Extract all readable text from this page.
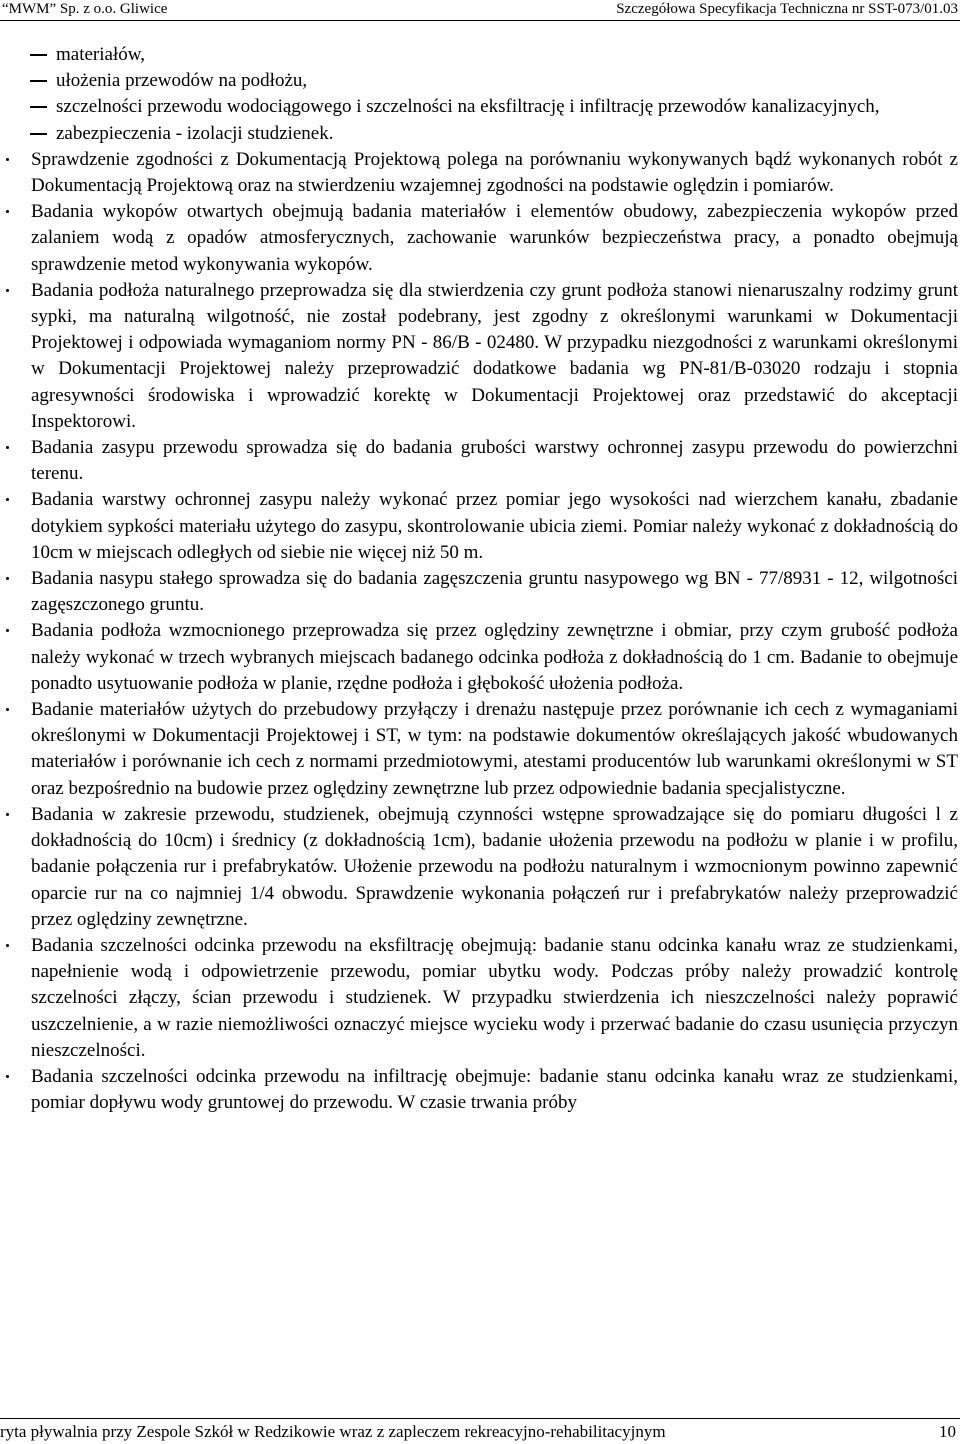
“MWM” Sp. z o.o. Gliwice	Szczegółowa Specyfikacja Techniczna nr SST-073/01.03
materiałów,
ułożenia przewodów na podłożu,
szczelności przewodu wodociągowego i szczelności na eksfiltrację i infiltrację przewodów kanalizacyjnych,
zabezpieczenia - izolacji studzienek.
Sprawdzenie zgodności z Dokumentacją Projektową polega na porównaniu wykonywanych bądź wykonanych robót z Dokumentacją Projektową oraz na stwierdzeniu wzajemnej zgodności na podstawie oględzin i pomiarów.
Badania wykopów otwartych obejmują badania materiałów i elementów obudowy, zabezpieczenia wykopów przed zalaniem wodą z opadów atmosferycznych, zachowanie warunków bezpieczeństwa pracy, a ponadto obejmują sprawdzenie metod wykonywania wykopów.
Badania podłoża naturalnego przeprowadza się dla stwierdzenia czy grunt podłoża stanowi nienaruszalny rodzimy grunt sypki, ma naturalną wilgotność, nie został podebrany, jest zgodny z określonymi warunkami w Dokumentacji Projektowej i odpowiada wymaganiom normy PN - 86/B - 02480. W przypadku niezgodności z warunkami określonymi w Dokumentacji Projektowej należy przeprowadzić dodatkowe badania wg PN-81/B-03020 rodzaju i stopnia agresywności środowiska i wprowadzić korektę w Dokumentacji Projektowej oraz przedstawić do akceptacji Inspektorowi.
Badania zasypu przewodu sprowadza się do badania grubości warstwy ochronnej zasypu przewodu do powierzchni terenu.
Badania warstwy ochronnej zasypu należy wykonać przez pomiar jego wysokości nad wierzchem kanału, zbadanie dotykiem sypkości materiału użytego do zasypu, skontrolowanie ubicia ziemi. Pomiar należy wykonać z dokładnością do 10cm w miejscach odległych od siebie nie więcej niż 50 m.
Badania nasypu stałego sprowadza się do badania zagęszczenia gruntu nasypowego wg BN - 77/8931 - 12, wilgotności zagęszczonego gruntu.
Badania podłoża wzmocnionego przeprowadza się przez oględziny zewnętrzne i obmiar, przy czym grubość podłoża należy wykonać w trzech wybranych miejscach badanego odcinka podłoża z dokładnością do 1 cm. Badanie to obejmuje ponadto usytuowanie podłoża w planie, rzędne podłoża i głębokość ułożenia podłoża.
Badanie materiałów użytych do przebudowy przyłączy i drenażu następuje przez porównanie ich cech z wymaganiami określonymi w Dokumentacji Projektowej i ST, w tym: na podstawie dokumentów określających jakość wbudowanych materiałów i porównanie ich cech z normami przedmiotowymi, atestami producentów lub warunkami określonymi w ST oraz bezpośrednio na budowie przez oględziny zewnętrzne lub przez odpowiednie badania specjalistyczne.
Badania w zakresie przewodu, studzienek, obejmują czynności wstępne sprowadzające się do pomiaru długości l z dokładnością do 10cm) i średnicy (z dokładnością 1cm), badanie ułożenia przewodu na podłożu w planie i w profilu, badanie połączenia rur i prefabrykatów. Ułożenie przewodu na podłożu naturalnym i wzmocnionym powinno zapewnić oparcie rur na co najmniej 1/4 obwodu. Sprawdzenie wykonania połączeń rur i prefabrykatów należy przeprowadzić przez oględziny zewnętrzne.
Badania szczelności odcinka przewodu na eksfiltrację obejmują: badanie stanu odcinka kanału wraz ze studzienkami, napełnienie wodą i odpowietrzenie przewodu, pomiar ubytku wody. Podczas próby należy prowadzić kontrolę szczelności złączy, ścian przewodu i studzienek. W przypadku stwierdzenia ich nieszczelności należy poprawić uszczelnienie, a w razie niemożliwości oznaczyć miejsce wycieku wody i przerwać badanie do czasu usunięcia przyczyn nieszczelności.
Badania szczelności odcinka przewodu na infiltrację obejmuje: badanie stanu odcinka kanału wraz ze studzienkami, pomiar dopływu wody gruntowej do przewodu. W czasie trwania próby
ryta pływalnia przy Zespole Szkół w Redzikowie wraz z zapleczem rekreacyjno-rehabilitacyjnym	10
